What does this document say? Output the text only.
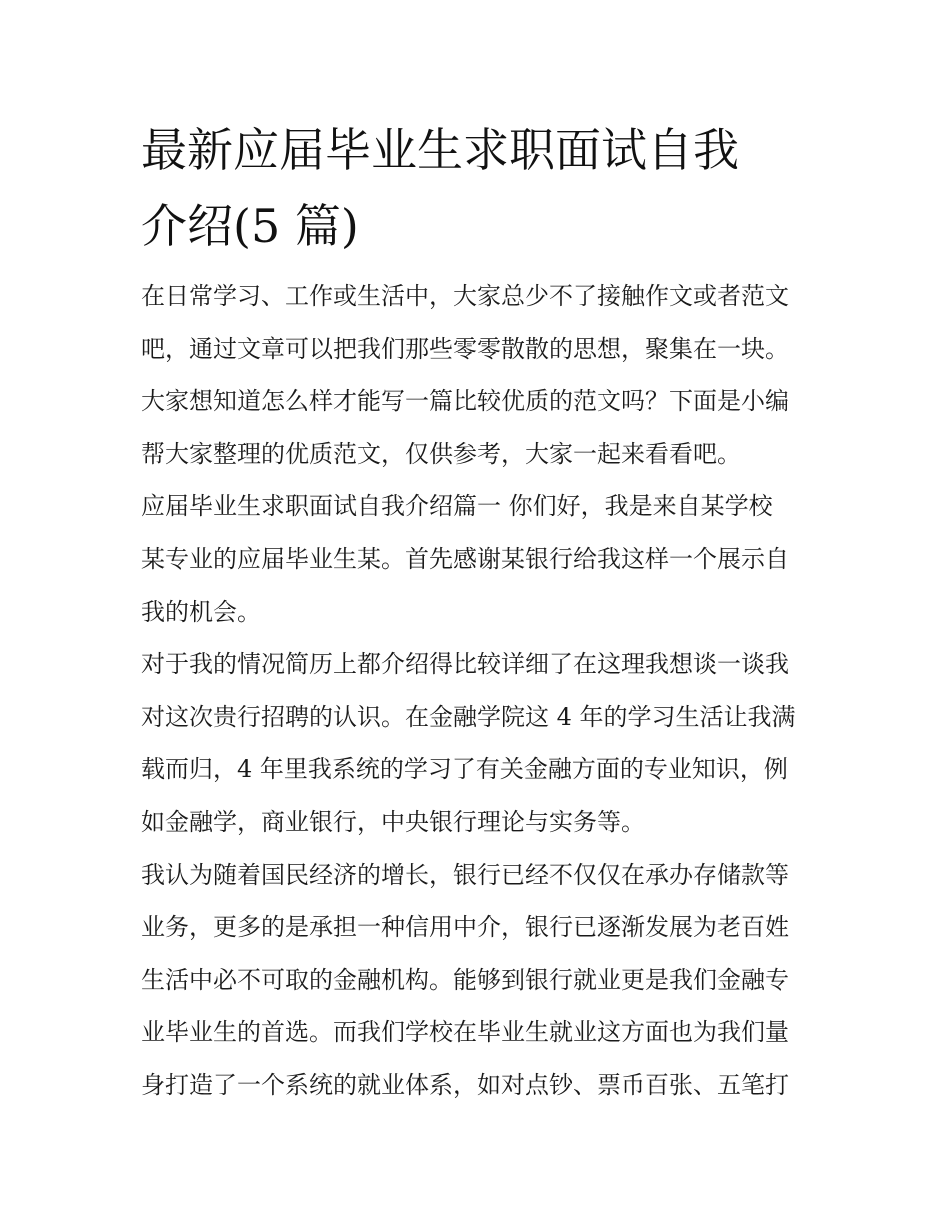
最新应届毕业生求职面试自我
介绍(5 篇)

在日常学习、工作或生活中，大家总少不了接触作文或者范文
吧，通过文章可以把我们那些零零散散的思想，聚集在一块。
大家想知道怎么样才能写一篇比较优质的范文吗？下面是小编
帮大家整理的优质范文，仅供参考，大家一起来看看吧。

应届毕业生求职面试自我介绍篇一 你们好，我是来自某学校
某专业的应届毕业生某。首先感谢某银行给我这样一个展示自
我的机会。

对于我的情况简历上都介绍得比较详细了在这理我想谈一谈我
对这次贵行招聘的认识。在金融学院这 4 年的学习生活让我满
载而归，4 年里我系统的学习了有关金融方面的专业知识，例
如金融学，商业银行，中央银行理论与实务等。

我认为随着国民经济的增长，银行已经不仅仅在承办存储款等
业务，更多的是承担一种信用中介，银行已逐渐发展为老百姓
生活中必不可取的金融机构。能够到银行就业更是我们金融专
业毕业生的首选。而我们学校在毕业生就业这方面也为我们量
身打造了一个系统的就业体系，如对点钞、票币百张、五笔打
